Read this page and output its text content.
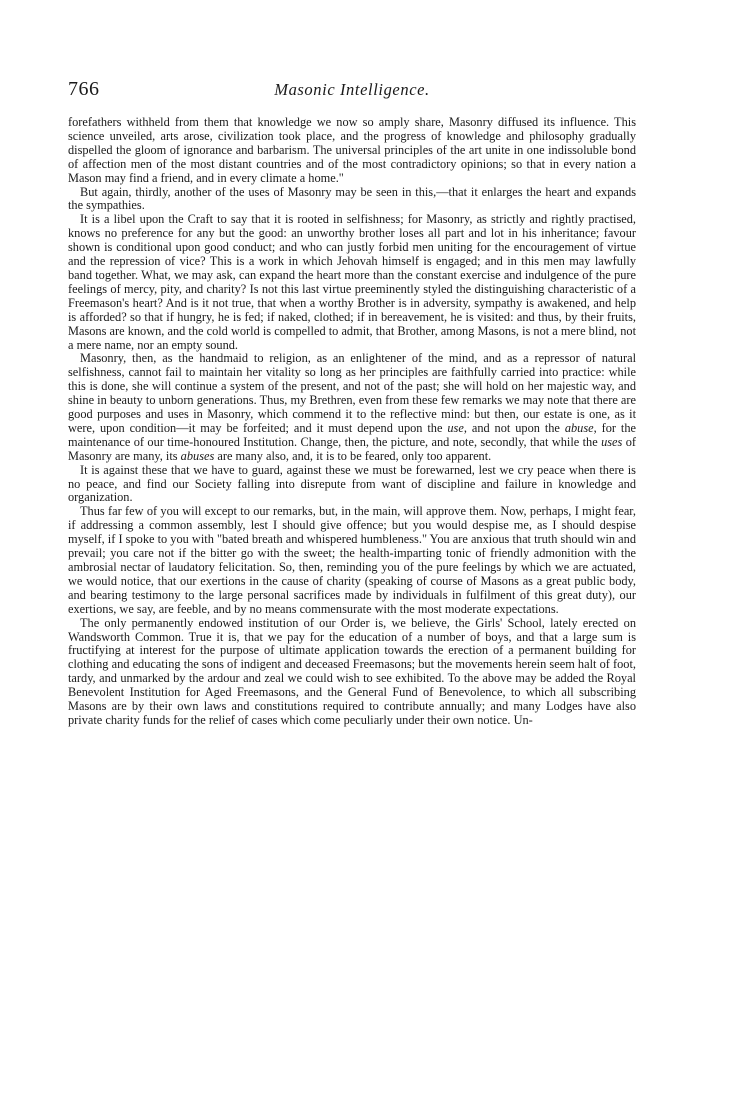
766	Masonic Intelligence.

forefathers withheld from them that knowledge we now so amply share, Masonry diffused its influence. This science unveiled, arts arose, civilization took place, and the progress of knowledge and philosophy gradually dispelled the gloom of ignorance and barbarism. The universal principles of the art unite in one indissoluble bond of affection men of the most distant countries and of the most contradictory opinions; so that in every nation a Mason may find a friend, and in every climate a home."

But again, thirdly, another of the uses of Masonry may be seen in this,—that it enlarges the heart and expands the sympathies.

It is a libel upon the Craft to say that it is rooted in selfishness; for Masonry, as strictly and rightly practised, knows no preference for any but the good: an unworthy brother loses all part and lot in his inheritance; favour shown is conditional upon good conduct; and who can justly forbid men uniting for the encouragement of virtue and the repression of vice? This is a work in which Jehovah himself is engaged; and in this men may lawfully band together. What, we may ask, can expand the heart more than the constant exercise and indulgence of the pure feelings of mercy, pity, and charity? Is not this last virtue preeminently styled the distinguishing characteristic of a Freemason's heart? And is it not true, that when a worthy Brother is in adversity, sympathy is awakened, and help is afforded? so that if hungry, he is fed; if naked, clothed; if in bereavement, he is visited: and thus, by their fruits, Masons are known, and the cold world is compelled to admit, that Brother, among Masons, is not a mere blind, not a mere name, nor an empty sound.

Masonry, then, as the handmaid to religion, as an enlightener of the mind, and as a repressor of natural selfishness, cannot fail to maintain her vitality so long as her principles are faithfully carried into practice: while this is done, she will continue a system of the present, and not of the past; she will hold on her majestic way, and shine in beauty to unborn generations. Thus, my Brethren, even from these few remarks we may note that there are good purposes and uses in Masonry, which commend it to the reflective mind: but then, our estate is one, as it were, upon condition—it may be forfeited; and it must depend upon the use, and not upon the abuse, for the maintenance of our time-honoured Institution. Change, then, the picture, and note, secondly, that while the uses of Masonry are many, its abuses are many also, and, it is to be feared, only too apparent.

It is against these that we have to guard, against these we must be forewarned, lest we cry peace when there is no peace, and find our Society falling into disrepute from want of discipline and failure in knowledge and organization.

Thus far few of you will except to our remarks, but, in the main, will approve them. Now, perhaps, I might fear, if addressing a common assembly, lest I should give offence; but you would despise me, as I should despise myself, if I spoke to you with "bated breath and whispered humbleness." You are anxious that truth should win and prevail; you care not if the bitter go with the sweet; the health-imparting tonic of friendly admonition with the ambrosial nectar of laudatory felicitation. So, then, reminding you of the pure feelings by which we are actuated, we would notice, that our exertions in the cause of charity (speaking of course of Masons as a great public body, and bearing testimony to the large personal sacrifices made by individuals in fulfilment of this great duty), our exertions, we say, are feeble, and by no means commensurate with the most moderate expectations.

The only permanently endowed institution of our Order is, we believe, the Girls' School, lately erected on Wandsworth Common. True it is, that we pay for the education of a number of boys, and that a large sum is fructifying at interest for the purpose of ultimate application towards the erection of a permanent building for clothing and educating the sons of indigent and deceased Freemasons; but the movements herein seem halt of foot, tardy, and unmarked by the ardour and zeal we could wish to see exhibited. To the above may be added the Royal Benevolent Institution for Aged Freemasons, and the General Fund of Benevolence, to which all subscribing Masons are by their own laws and constitutions required to contribute annually; and many Lodges have also private charity funds for the relief of cases which come peculiarly under their own notice. Un-
